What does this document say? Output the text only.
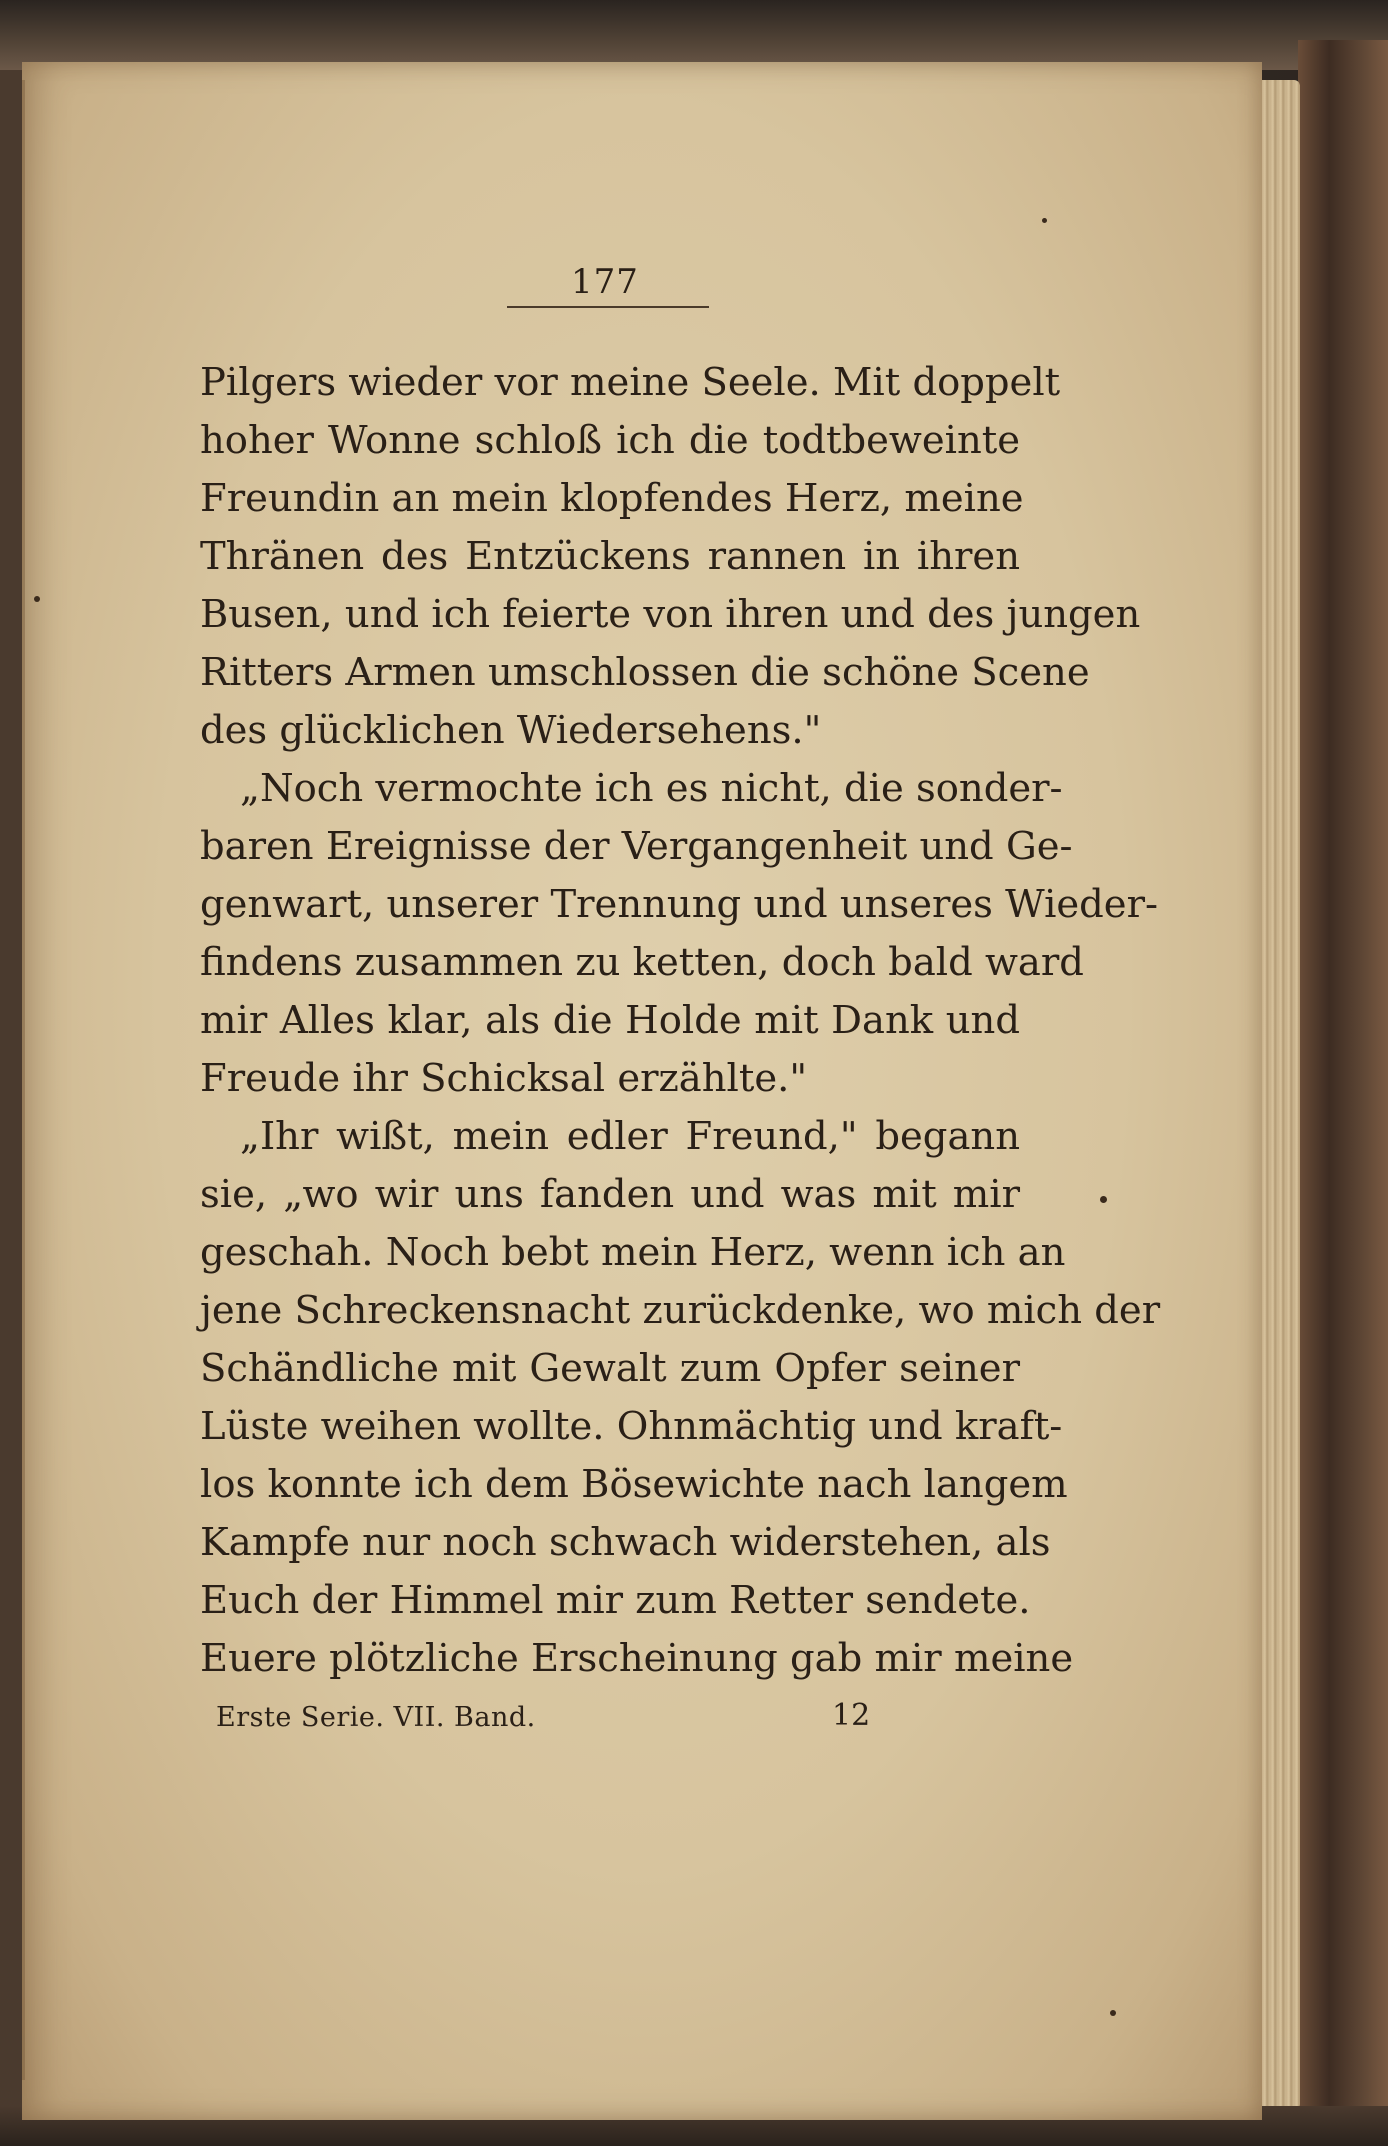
177
Pilgers wieder vor meine Seele. Mit doppelt
hoher Wonne schloß ich die todtbeweinte
Freundin an mein klopfendes Herz, meine
Thränen des Entzückens rannen in ihren
Busen, und ich feierte von ihren und des jungen
Ritters Armen umschlossen die schöne Scene
des glücklichen Wiedersehens."
„Noch vermochte ich es nicht, die sonder-
baren Ereignisse der Vergangenheit und Ge-
genwart, unserer Trennung und unseres Wieder-
findens zusammen zu ketten, doch bald ward
mir Alles klar, als die Holde mit Dank und
Freude ihr Schicksal erzählte."
„Ihr wißt, mein edler Freund," begann
sie, „wo wir uns fanden und was mit mir
geschah. Noch bebt mein Herz, wenn ich an
jene Schreckensnacht zurückdenke, wo mich der
Schändliche mit Gewalt zum Opfer seiner
Lüste weihen wollte. Ohnmächtig und kraft-
los konnte ich dem Bösewichte nach langem
Kampfe nur noch schwach widerstehen, als
Euch der Himmel mir zum Retter sendete.
Euere plötzliche Erscheinung gab mir meine
Erste Serie. VII. Band.	12
